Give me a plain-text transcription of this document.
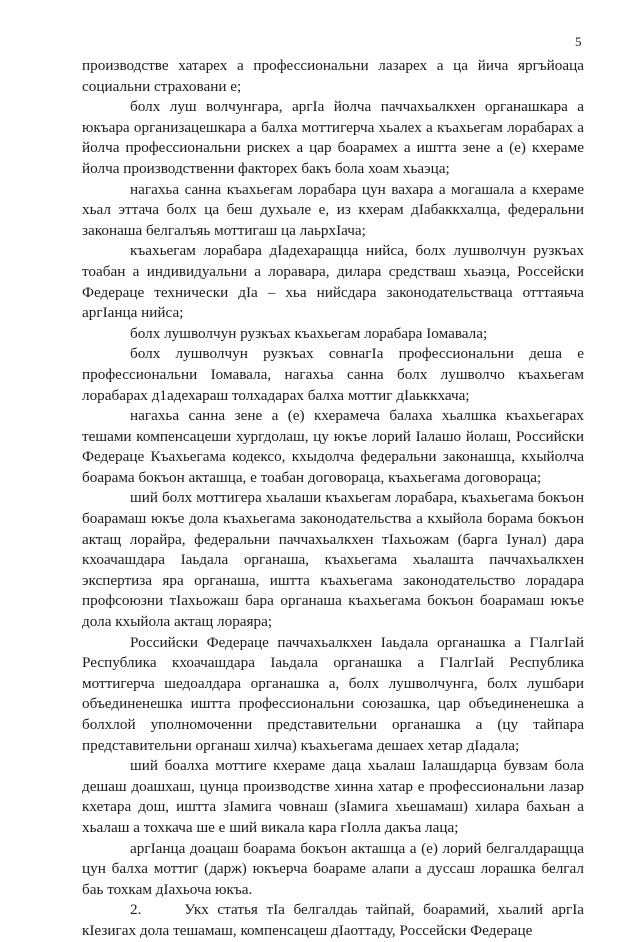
5

производстве хатарех а профессиональни лазарех а ца йича яргъйоаца социальни страховани е;

болх луш волчунгара, аргІа йолча паччахьалкхен органашкара а юкъара организацешкара а балха моттигерча хьалех а къахьегам лорабарах а йолча профессиональни рискех а цар боарамех а иштта зене а (е) кхераме йолча производственни факторех бакъ бола хоам хьаэца;

нагахьа санна къахьегам лорабара цун вахара а могашала а кхераме хьал эттача болх ца беш духьале е, из кхерам дІабаккхалца, федеральни законаша белгалъяь моттигаш ца лаьрхІача;

къахьегам лорабара дІадехаращца нийса, болх лушволчун рузкъах тоабан а индивидуальни а лоравара, дилара средстваш хьаэца, Россейски Федераце технически дІа – хьа нийсдара законодательстваца отттаяьча аргІанца нийса;

болх лушволчун рузкъах къахьегам лорабара Іомавала;

болх лушволчун рузкъах совнагІа профессиональни деша е профессиональни Іомавала, нагахьа санна болх лушволчо къахьегам лорабарах д1адехараш толхадарах балха моттиг дІаьккхача;

нагахьа санна зене а (е) кхерамеча балаха хьалшка къахьегарах тешами компенсацеши хургдолаш, цу юкъе лорий Іалашо йолаш, Российски Федераце Къахьегама кодексо, кхыдолча федеральни законашца, кхыйолча боарама бокъон акташца, е тоабан договораца, къахьегама договораца;

ший болх моттигера хьалаши къахьегам лорабара, къахьегама бокъон боарамаш юкъе дола къахьегама законодательства а кхыйола борама бокъон актащ лорайра, федеральни паччахьалкхен тІахьожам (барга Іунал) дара кхоачашдара Іаьдала органаша, къахьегама хьалашта паччахьалкхен экспертиза яра органаша, иштта къахьегама законодательство лорадара профсоюзни тІахьожаш бара органаша къахьегама бокъон боарамаш юкъе дола кхыйола актащ лораяра;

Российски Федераце паччахьалкхен Іаьдала органашка а ГІалгІай Республика кхоачашдара Іаьдала органашка а ГІалгІай Республика моттигерча шедоалдара органашка а, болх лушволчунга, болх лушбари объединенешка иштта профессиональни союзашка, цар объединенешка а болхлой уполномоченни представительни органашка а (цу тайпара представительни органаш хилча) къахьегама дешаех хетар дІадала;

ший боалха моттиге кхераме даца хьалаш Іалашдарца бувзам бола дешаш доашхаш, цунца производстве хинна хатар е профессиональни лазар кхетара дош, иштта зІамига човнаш (зІамига хьешамаш) хилара бахьан а хьалаш а тохкача ше е ший викала кара гІолла дакъа лаца;

аргІанца доацаш боарама бокъон акташца а (е) лорий белгалдаращца цун балха моттиг (дарж) юкъерча боараме алапи а дуссаш лорашка белгал бaь тохкам дІахьоча юкъа.

2.	Укх статья тІа белгалдаь тайпай, боарамий, хьалий аргІа кІезигах дола тешамаш, компенсацеш дІаоттаду, Россейски Федераце
